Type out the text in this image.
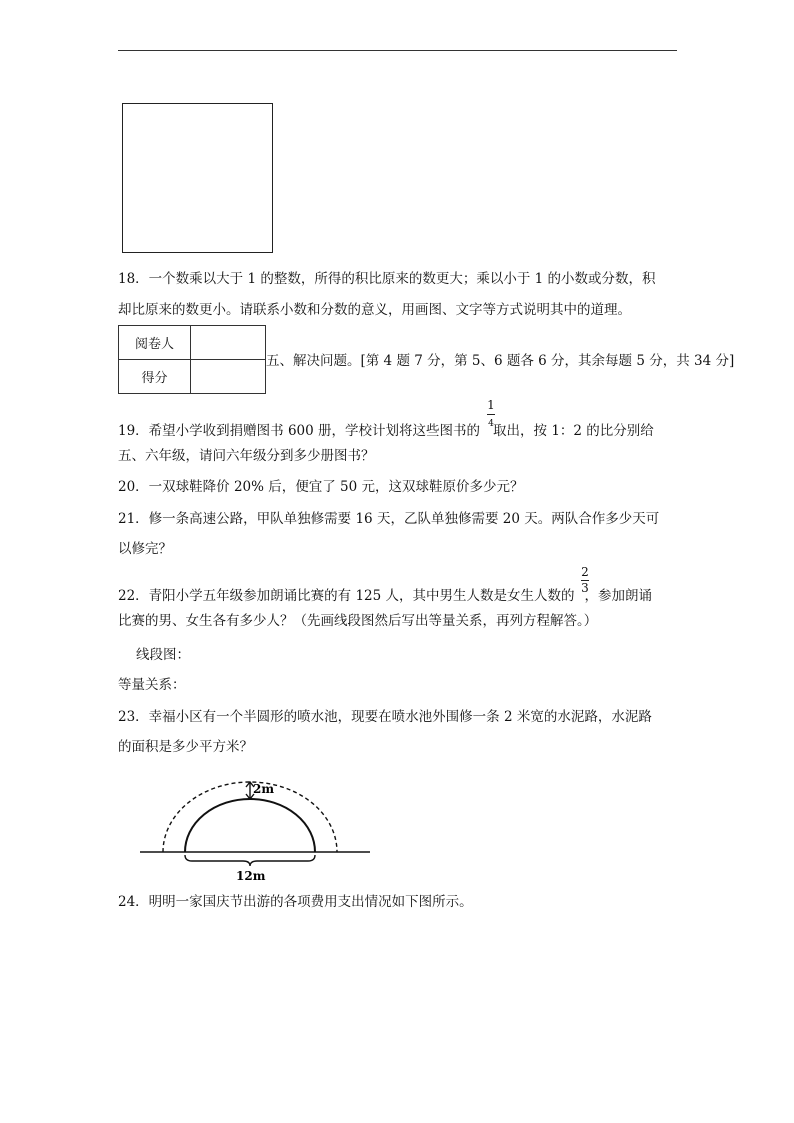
18．一个数乘以大于 1 的整数，所得的积比原来的数更大；乘以小于 1 的小数或分数，积
却比原来的数更小。请联系小数和分数的意义，用画图、文字等方式说明其中的道理。
阅卷人	
得分	
五、解决问题。[第 4 题 7 分，第 5、6 题各 6 分，其余每题 5 分，共 34 分]
19．希望小学收到捐赠图书 600 册，学校计划将这些图书的 取出，按 1：2 的比分别给
1
4
五、六年级，请问六年级分到多少册图书？
20．一双球鞋降价 20% 后，便宜了 50 元，这双球鞋原价多少元？
21．修一条高速公路，甲队单独修需要 16 天，乙队单独修需要 20 天。两队合作多少天可
以修完？
22．青阳小学五年级参加朗诵比赛的有 125 人，其中男生人数是女生人数的 ，参加朗诵
2
3
比赛的男、女生各有多少人？（先画线段图然后写出等量关系，再列方程解答。）
线段图：
等量关系：
23．幸福小区有一个半圆形的喷水池，现要在喷水池外围修一条 2 米宽的水泥路，水泥路
的面积是多少平方米？
2m
12m
24．明明一家国庆节出游的各项费用支出情况如下图所示。
